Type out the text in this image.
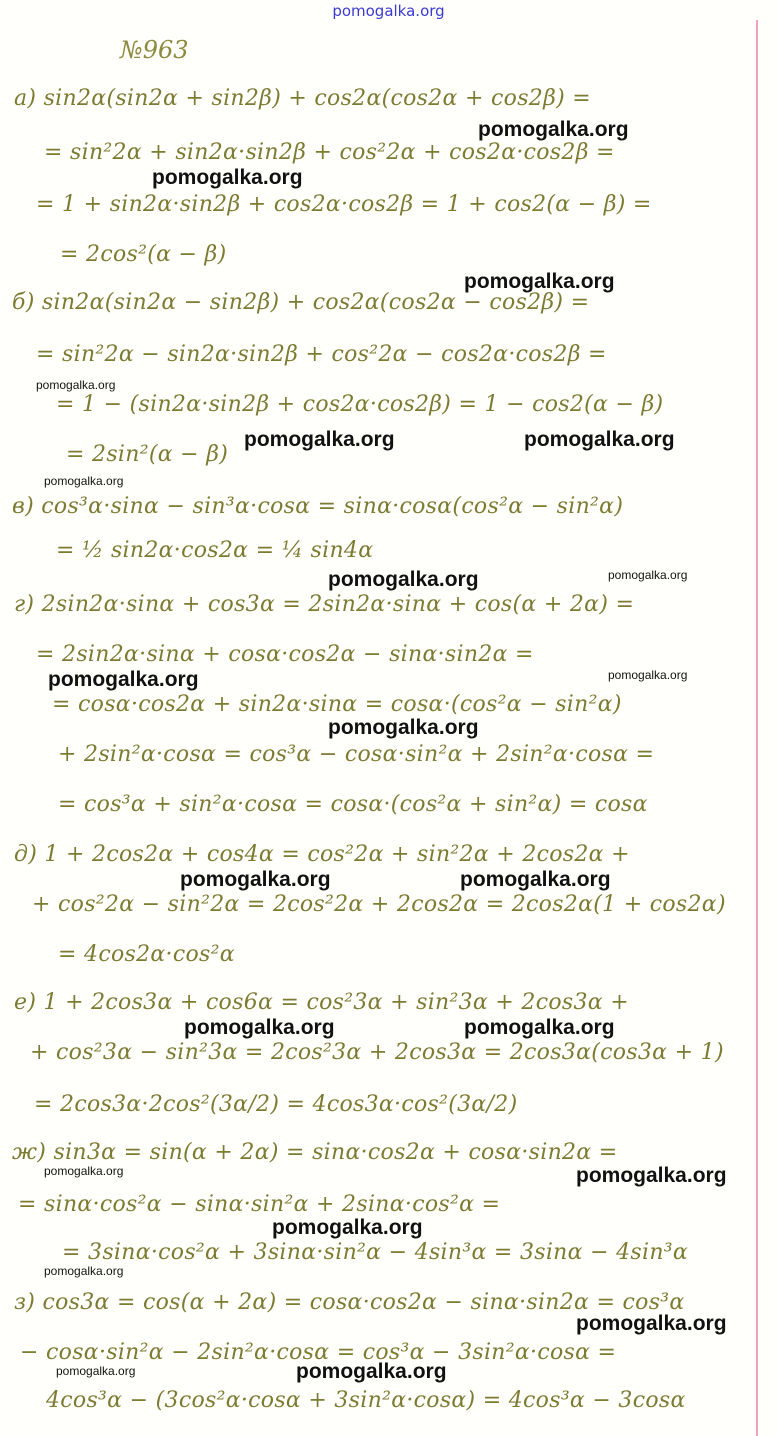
pomogalka.org
№963
а) sin2α(sin2α + sin2β) + cos2α(cos2α + cos2β) =
= sin²2α + sin2α·sin2β + cos²2α + cos2α·cos2β =
= 1 + sin2α·sin2β + cos2α·cos2β = 1 + cos2(α − β) =
= 2cos²(α − β)
б) sin2α(sin2α − sin2β) + cos2α(cos2α − cos2β) =
= sin²2α − sin2α·sin2β + cos²2α − cos2α·cos2β =
= 1 − (sin2α·sin2β + cos2α·cos2β) = 1 − cos2(α − β)
= 2sin²(α − β)
в) cos³α·sinα − sin³α·cosα = sinα·cosα(cos²α − sin²α)
= ½ sin2α·cos2α = ¼ sin4α
г) 2sin2α·sinα + cos3α = 2sin2α·sinα + cos(α + 2α) =
= 2sin2α·sinα + cosα·cos2α − sinα·sin2α =
= cosα·cos2α + sin2α·sinα = cosα·(cos²α − sin²α)
+ 2sin²α·cosα = cos³α − cosα·sin²α + 2sin²α·cosα =
= cos³α + sin²α·cosα = cosα·(cos²α + sin²α) = cosα
д) 1 + 2cos2α + cos4α = cos²2α + sin²2α + 2cos2α +
+ cos²2α − sin²2α = 2cos²2α + 2cos2α = 2cos2α(1 + cos2α)
= 4cos2α·cos²α
е) 1 + 2cos3α + cos6α = cos²3α + sin²3α + 2cos3α +
+ cos²3α − sin²3α = 2cos²3α + 2cos3α = 2cos3α(cos3α + 1)
= 2cos3α·2cos²(3α/2) = 4cos3α·cos²(3α/2)
ж) sin3α = sin(α + 2α) = sinα·cos2α + cosα·sin2α =
= sinα·cos²α − sinα·sin²α + 2sinα·cos²α =
= 3sinα·cos²α + 3sinα·sin²α − 4sin³α = 3sinα − 4sin³α
з) cos3α = cos(α + 2α) = cosα·cos2α − sinα·sin2α = cos³α
− cosα·sin²α − 2sin²α·cosα = cos³α − 3sin²α·cosα =
4cos³α − (3cos²α·cosα + 3sin²α·cosα) = 4cos³α − 3cosα
pomogalka.org
pomogalka.org
pomogalka.org
pomogalka.org
pomogalka.org	pomogalka.org
pomogalka.org
pomogalka.org	pomogalka.org
pomogalka.org	pomogalka.org
pomogalka.org
pomogalka.org	pomogalka.org
pomogalka.org	pomogalka.org
pomogalka.org	pomogalka.org
pomogalka.org
pomogalka.org
pomogalka.org
pomogalka.org	pomogalka.org
